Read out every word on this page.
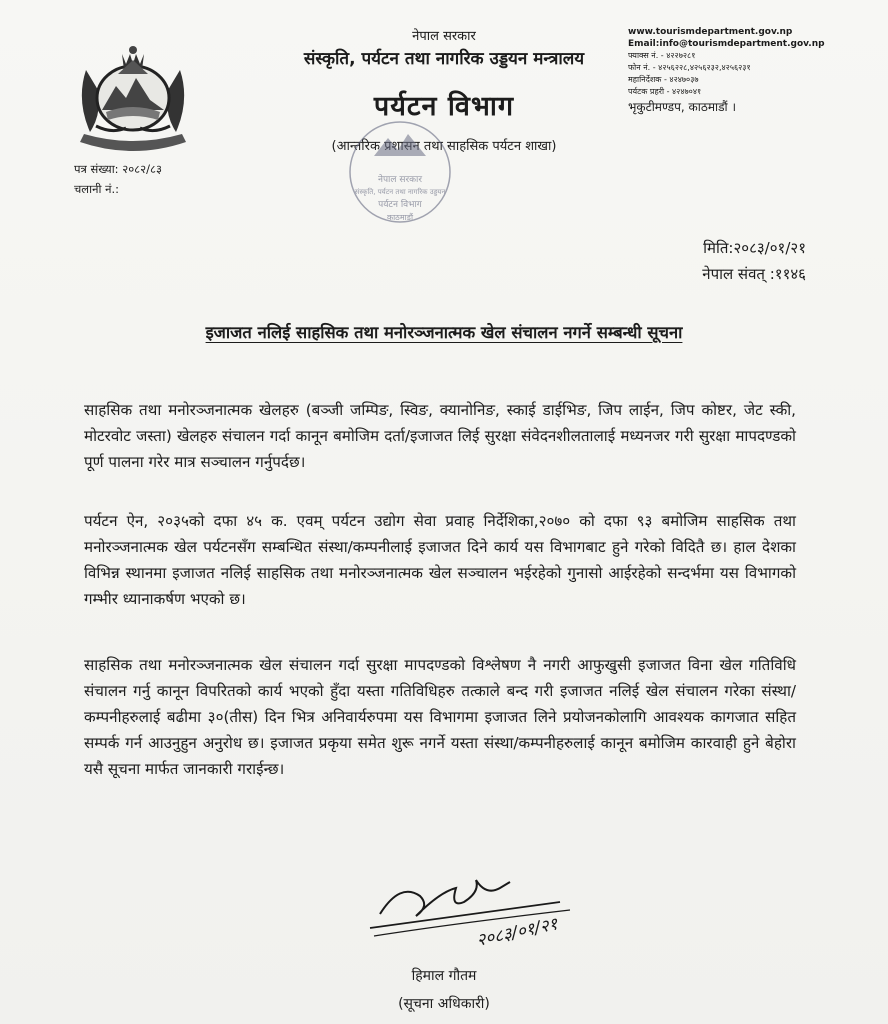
नेपाल सरकार
संस्कृति, पर्यटन तथा नागरिक उड्डयन मन्त्रालय
पर्यटन विभाग
(आन्तरिक प्रशासन तथा साहसिक पर्यटन शाखा)
www.tourismdepartment.gov.np
Email:info@tourismdepartment.gov.np
फ्याक्स नं. - ४२२७२८१
फोन नं. - ४२५६२२८,४२५६२३२,४२५६२३१
महानिर्देशक - ४२४७०३७
पर्यटक प्रहरी - ४२४७०४१
भृकुटीमण्डप, काठमाडौं ।
पत्र संख्या: २०८२/८३
चलानी नं.:
नेपाल सरकार
संस्कृति, पर्यटन तथा नागरिक उड्डयन
पर्यटन विभाग
काठमाडौं
मिति:२०८३/०१/२१
नेपाल संवत् :११४६
इजाजत नलिई साहसिक तथा मनोरञ्जनात्मक खेल संचालन नगर्ने सम्बन्धी सूचना
साहसिक तथा मनोरञ्जनात्मक खेलहरु (बञ्जी जम्पिङ, स्विङ, क्यानोनिङ, स्काई डाईभिङ, जिप लाईन, जिप कोष्टर, जेट स्की, मोटरवोट जस्ता) खेलहरु संचालन गर्दा कानून बमोजिम दर्ता/इजाजत लिई सुरक्षा संवेदनशीलतालाई मध्यनजर गरी सुरक्षा मापदण्डको पूर्ण पालना गरेर मात्र सञ्चालन गर्नुपर्दछ।
पर्यटन ऐन, २०३५को दफा ४५ क. एवम् पर्यटन उद्योग सेवा प्रवाह निर्देशिका,२०७० को दफा ९३ बमोजिम साहसिक तथा मनोरञ्जनात्मक खेल पर्यटनसँग सम्बन्धित संस्था/कम्पनीलाई इजाजत दिने कार्य यस विभागबाट हुने गरेको विदितै छ। हाल देशका विभिन्न स्थानमा इजाजत नलिई साहसिक तथा मनोरञ्जनात्मक खेल सञ्चालन भईरहेको गुनासो आईरहेको सन्दर्भमा यस विभागको गम्भीर ध्यानाकर्षण भएको छ।
साहसिक तथा मनोरञ्जनात्मक खेल संचालन गर्दा सुरक्षा मापदण्डको विश्लेषण नै नगरी आफुखुसी इजाजत विना खेल गतिविधि संचालन गर्नु कानून विपरितको कार्य भएको हुँदा यस्ता गतिविधिहरु तत्काले बन्द गरी इजाजत नलिई खेल संचालन गरेका संस्था/कम्पनीहरुलाई बढीमा ३०(तीस) दिन भित्र अनिवार्यरुपमा यस विभागमा इजाजत लिने प्रयोजनकोलागि आवश्यक कागजात सहित सम्पर्क गर्न आउनुहुन अनुरोध छ। इजाजत प्रकृया समेत शुरू नगर्ने यस्ता संस्था/कम्पनीहरुलाई कानून बमोजिम कारवाही हुने बेहोरा यसै सूचना मार्फत जानकारी गराईन्छ।
२०८३/०१/२१
हिमाल गौतम
(सूचना अधिकारी)
